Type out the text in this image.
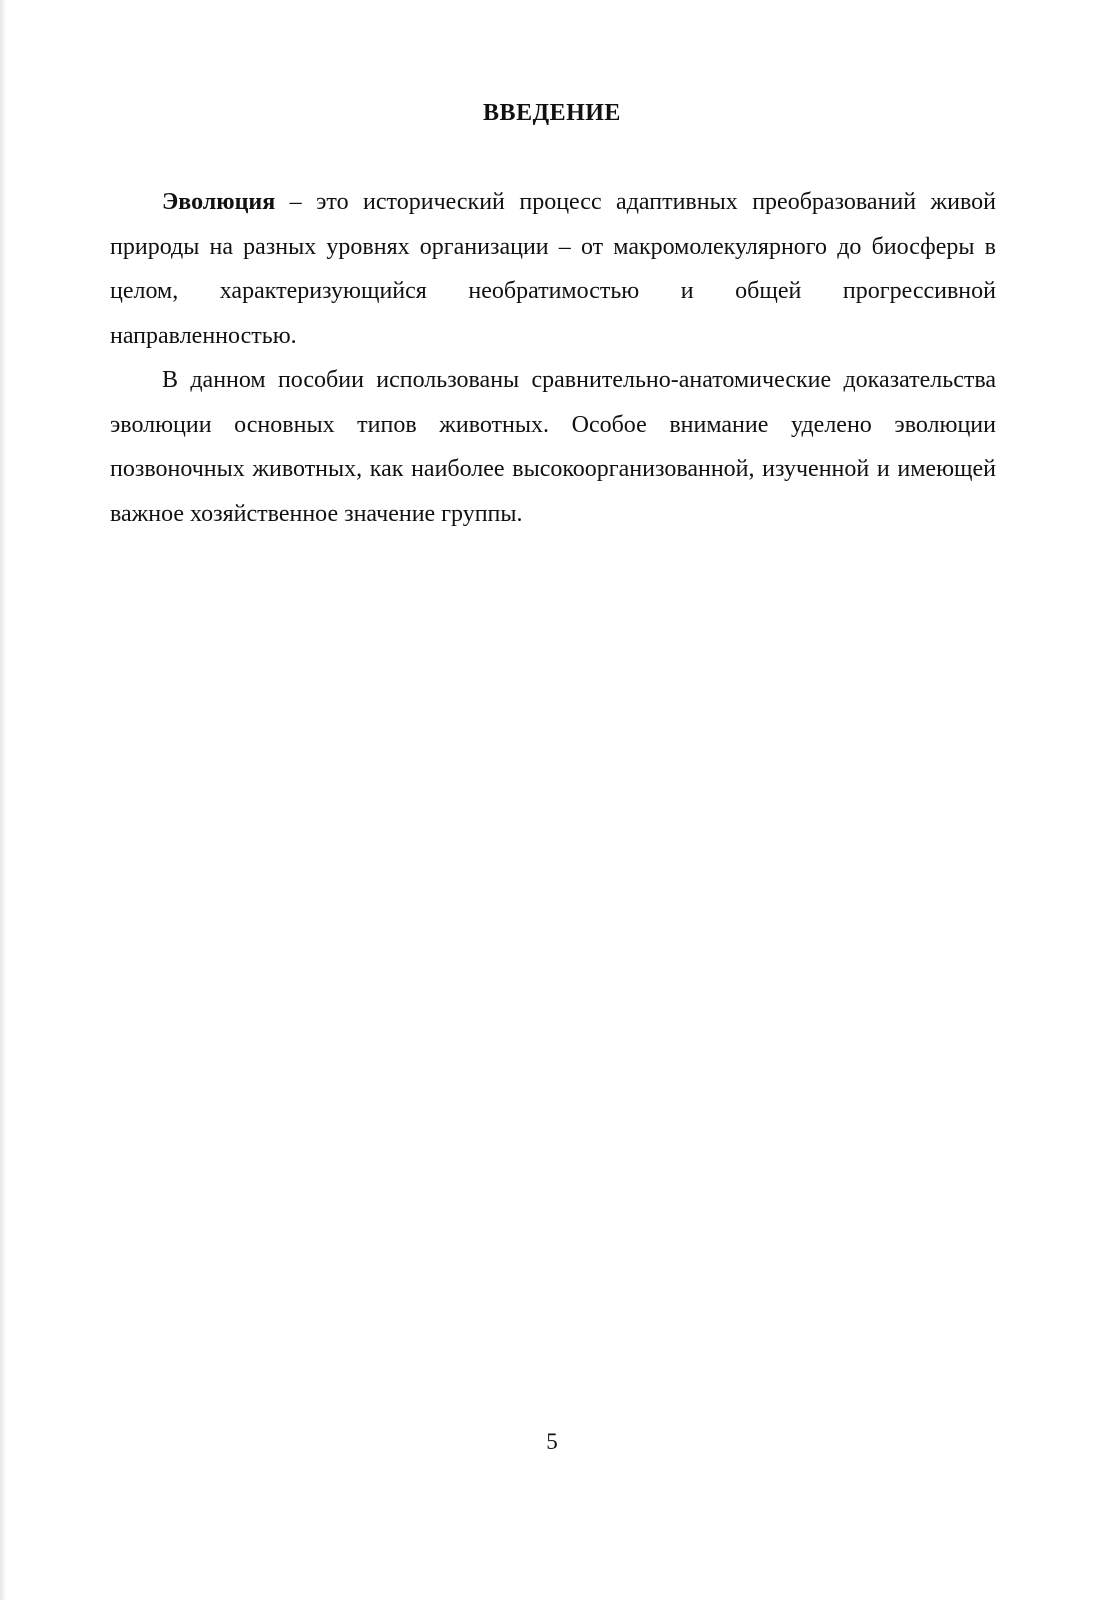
ВВЕДЕНИЕ

Эволюция – это исторический процесс адаптивных преобразований живой природы на разных уровнях организации – от макромолекулярного до биосферы в целом, характеризующийся необратимостью и общей прогрессивной направленностью.

В данном пособии использованы сравнительно-анатомические доказательства эволюции основных типов животных. Особое внимание уделено эволюции позвоночных животных, как наиболее высокоорганизованной, изученной и имеющей важное хозяйственное значение группы.

5
